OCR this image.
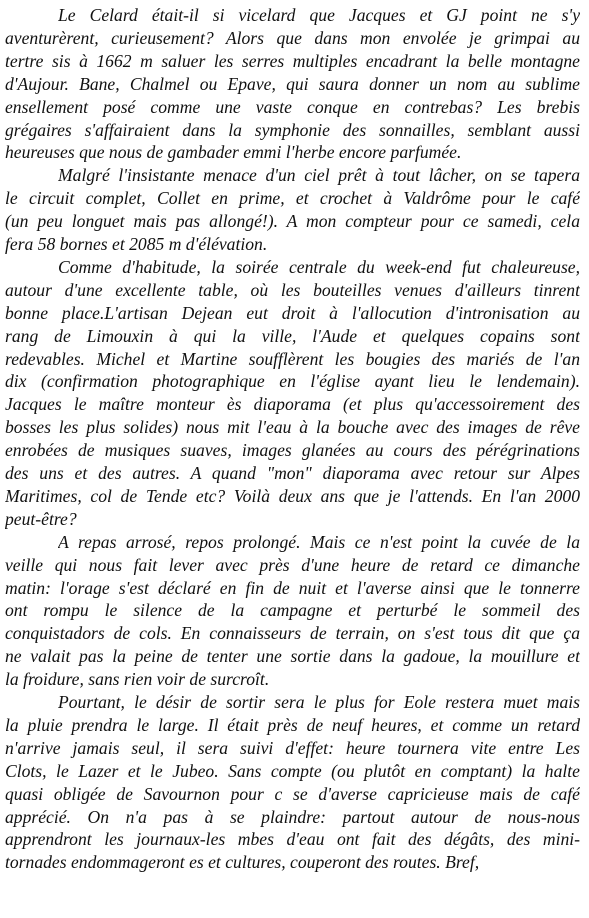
Le Celard était-il si vicelard que Jacques et GJ point ne s'y
aventurèrent, curieusement? Alors que dans mon envolée je grimpai au
tertre sis à 1662 m saluer les serres multiples encadrant la belle montagne
d'Aujour. Bane, Chalmel ou Epave, qui saura donner un nom au sublime
ensellement posé comme une vaste conque en contrebas? Les brebis
grégaires s'affairaient dans la symphonie des sonnailles, semblant aussi
heureuses que nous de gambader emmi l'herbe encore parfumée.
Malgré l'insistante menace d'un ciel prêt à tout lâcher, on se tapera
le circuit complet, Collet en prime, et crochet à Valdrôme pour le café
(un peu longuet mais pas allongé!). A mon compteur pour ce samedi, cela
fera 58 bornes et 2085 m d'élévation.
Comme d'habitude, la soirée centrale du week-end fut chaleureuse,
autour d'une excellente table, où les bouteilles venues d'ailleurs tinrent
bonne place.L'artisan Dejean eut droit à l'allocution d'intronisation au
rang de Limouxin à qui la ville, l'Aude et quelques copains sont
redevables. Michel et Martine soufflèrent les bougies des mariés de l'an
dix (confirmation photographique en l'église ayant lieu le lendemain).
Jacques le maître monteur ès diaporama (et plus qu'accessoirement des
bosses les plus solides) nous mit l'eau à la bouche avec des images de rêve
enrobées de musiques suaves, images glanées au cours des pérégrinations
des uns et des autres. A quand "mon" diaporama avec retour sur Alpes
Maritimes, col de Tende etc? Voilà deux ans que je l'attends. En l'an 2000
peut-être?
A repas arrosé, repos prolongé. Mais ce n'est point la cuvée de la
veille qui nous fait lever avec près d'une heure de retard ce dimanche
matin: l'orage s'est déclaré en fin de nuit et l'averse ainsi que le tonnerre
ont rompu le silence de la campagne et perturbé le sommeil des
conquistadors de cols. En connaisseurs de terrain, on s'est tous dit que ça
ne valait pas la peine de tenter une sortie dans la gadoue, la mouillure et
la froidure, sans rien voir de surcroît.
Pourtant, le désir de sortir sera le plus for Eole restera muet mais
la pluie prendra le large. Il était près de neuf heures, et comme un retard
n'arrive jamais seul, il sera suivi d'effet: heure tournera vite entre Les
Clots, le Lazer et le Jubeo. Sans compte (ou plutôt en comptant) la halte
quasi obligée de Savournon pour c se d'averse capricieuse mais de café
apprécié. On n'a pas à se plaindre: partout autour de nous-nous
apprendront les journaux-les mbes d'eau ont fait des dégâts, des mini-
tornades endommageront es et cultures, couperont des routes. Bref,
